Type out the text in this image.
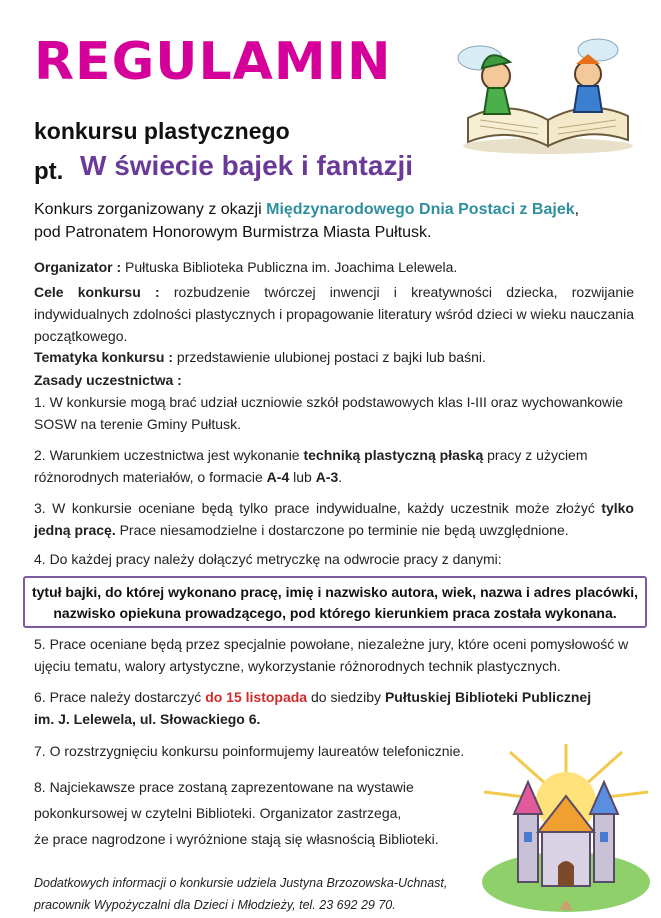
REGULAMIN
konkursu plastycznego
pt. W świecie bajek i fantazji
Konkurs zorganizowany z okazji Międzynarodowego Dnia Postaci z Bajek,
pod Patronatem Honorowym Burmistrza Miasta Pułtusk.
Organizator : Pułtuska Biblioteka Publiczna im. Joachima Lelewela.
Cele konkursu : rozbudzenie twórczej inwencji i kreatywności dziecka, rozwijanie indywidualnych zdolności plastycznych i propagowanie literatury wśród dzieci w wieku nauczania początkowego.
Tematyka konkursu : przedstawienie ulubionej postaci z bajki lub baśni.
Zasady uczestnictwa :
1. W konkursie mogą brać udział uczniowie szkół podstawowych klas I-III oraz wychowankowie SOSW na terenie Gminy Pułtusk.
2. Warunkiem uczestnictwa jest wykonanie techniką plastyczną płaską pracy z użyciem różnorodnych materiałów, o formacie A-4 lub A-3.
3. W konkursie oceniane będą tylko prace indywidualne, każdy uczestnik może złożyć tylko jedną pracę. Prace niesamodzielne i dostarczone po terminie nie będą uwzględnione.
4. Do każdej pracy należy dołączyć metryczkę na odwrocie pracy z danymi:
tytuł bajki, do której wykonano pracę, imię i nazwisko autora, wiek, nazwa i adres placówki,
nazwisko opiekuna prowadzącego, pod którego kierunkiem praca została wykonana.
5. Prace oceniane będą przez specjalnie powołane, niezależne jury, które oceni pomysłowość w ujęciu tematu, walory artystyczne, wykorzystanie różnorodnych technik plastycznych.
6. Prace należy dostarczyć do 15 listopada do siedziby Pułtuskiej Biblioteki Publicznej
im. J. Lelewela, ul. Słowackiego 6.
7. O rozstrzygnięciu konkursu poinformujemy laureatów telefonicznie.
8. Najciekawsze prace zostaną zaprezentowane na wystawie
pokonkursowej w czytelni Biblioteki. Organizator zastrzega,
że prace nagrodzone i wyróżnione stają się własnością Biblioteki.
Dodatkowych informacji o konkursie udziela Justyna Brzozowska-Uchnast,
pracownik Wypożyczalni dla Dzieci i Młodzieży, tel. 23 692 29 70.
